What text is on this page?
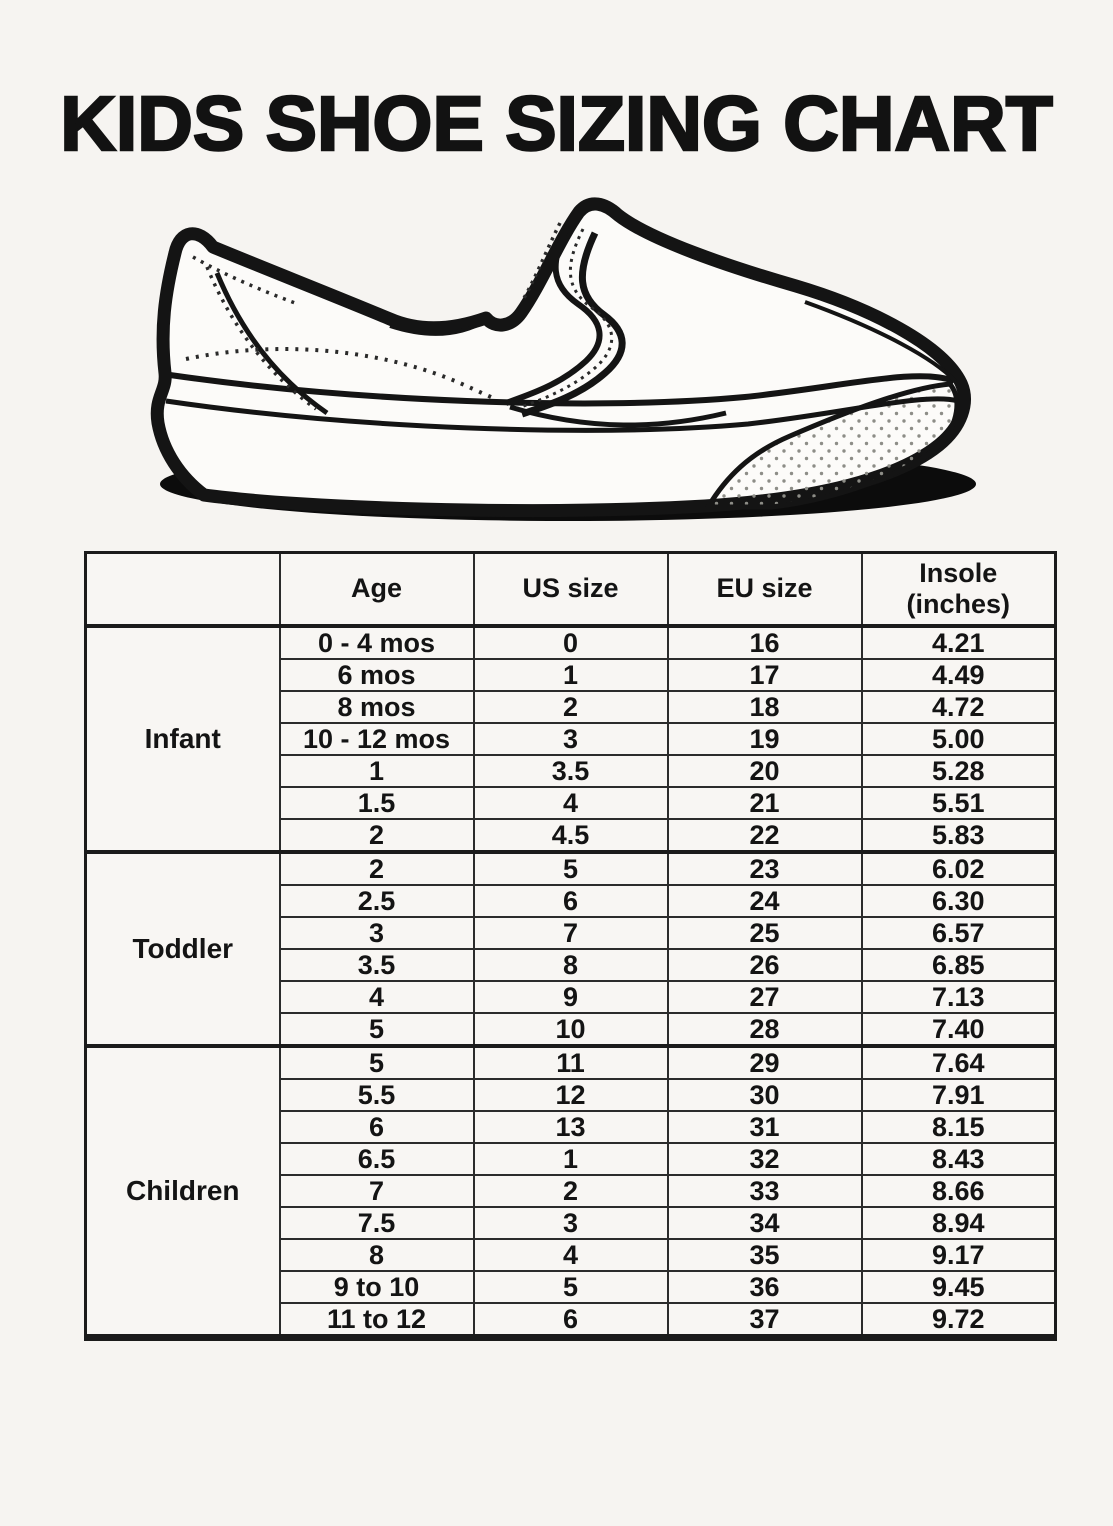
KIDS SHOE SIZING CHART
	Age	US size	EU size	Insole (inches)
Infant	0 - 4 mos	0	16	4.21
	6 mos	1	17	4.49
	8 mos	2	18	4.72
	10 - 12 mos	3	19	5.00
	1	3.5	20	5.28
	1.5	4	21	5.51
	2	4.5	22	5.83
Toddler	2	5	23	6.02
	2.5	6	24	6.30
	3	7	25	6.57
	3.5	8	26	6.85
	4	9	27	7.13
	5	10	28	7.40
Children	5	11	29	7.64
	5.5	12	30	7.91
	6	13	31	8.15
	6.5	1	32	8.43
	7	2	33	8.66
	7.5	3	34	8.94
	8	4	35	9.17
	9 to 10	5	36	9.45
	11 to 12	6	37	9.72
